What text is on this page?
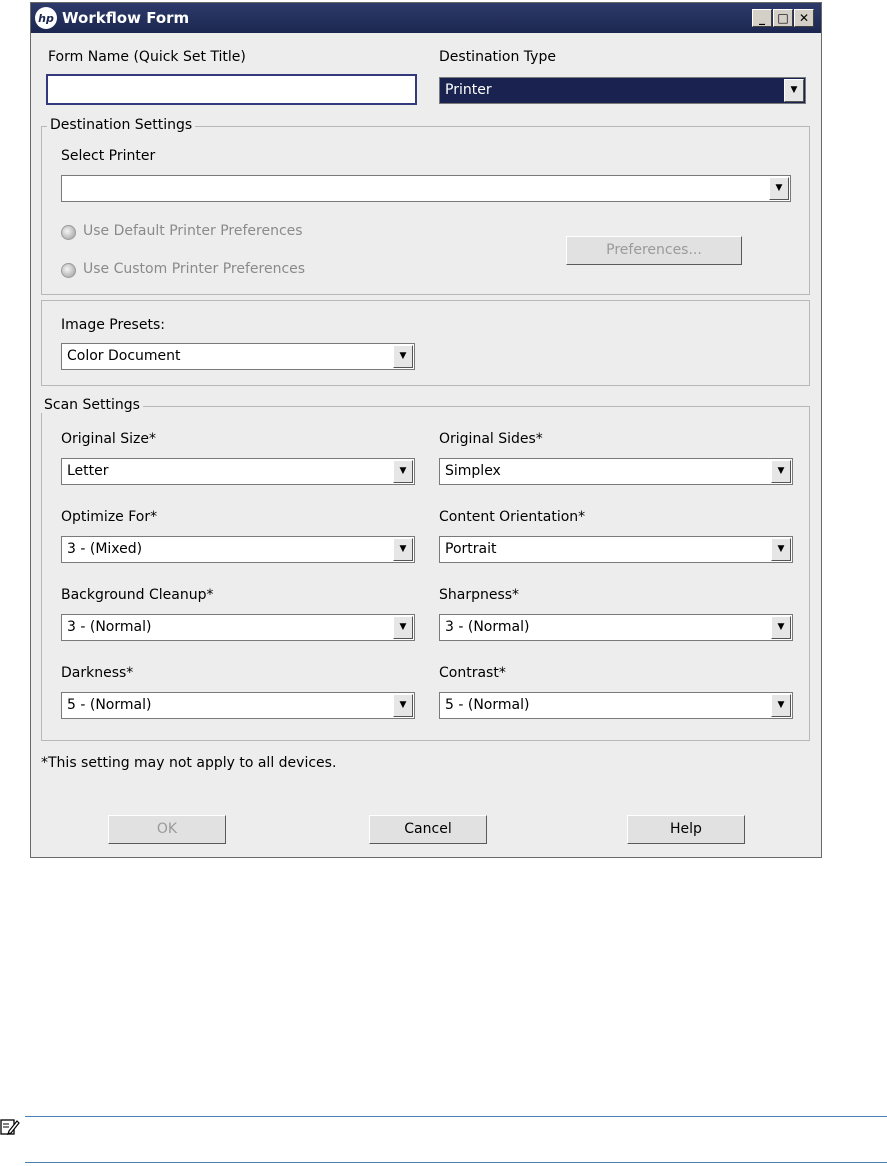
hp Workflow Form	_	□ ✕
Form Name (Quick Set Title)	Destination Type
Printer	▼
Destination Settings
Select Printer
▼
Use Default Printer Preferences
Use Custom Printer Preferences
Preferences...
Image Presets:
Color Document	▼
Scan Settings
Original Size*
Letter	▼
Original Sides*
Simplex	▼
Optimize For*
3 - (Mixed)	▼
Content Orientation*
Portrait	▼
Background Cleanup*
3 - (Normal)	▼
Sharpness*
3 - (Normal)	▼
Darkness*
5 - (Normal)	▼
Contrast*
5 - (Normal)	▼
*This setting may not apply to all devices.
OK	Cancel	Help
